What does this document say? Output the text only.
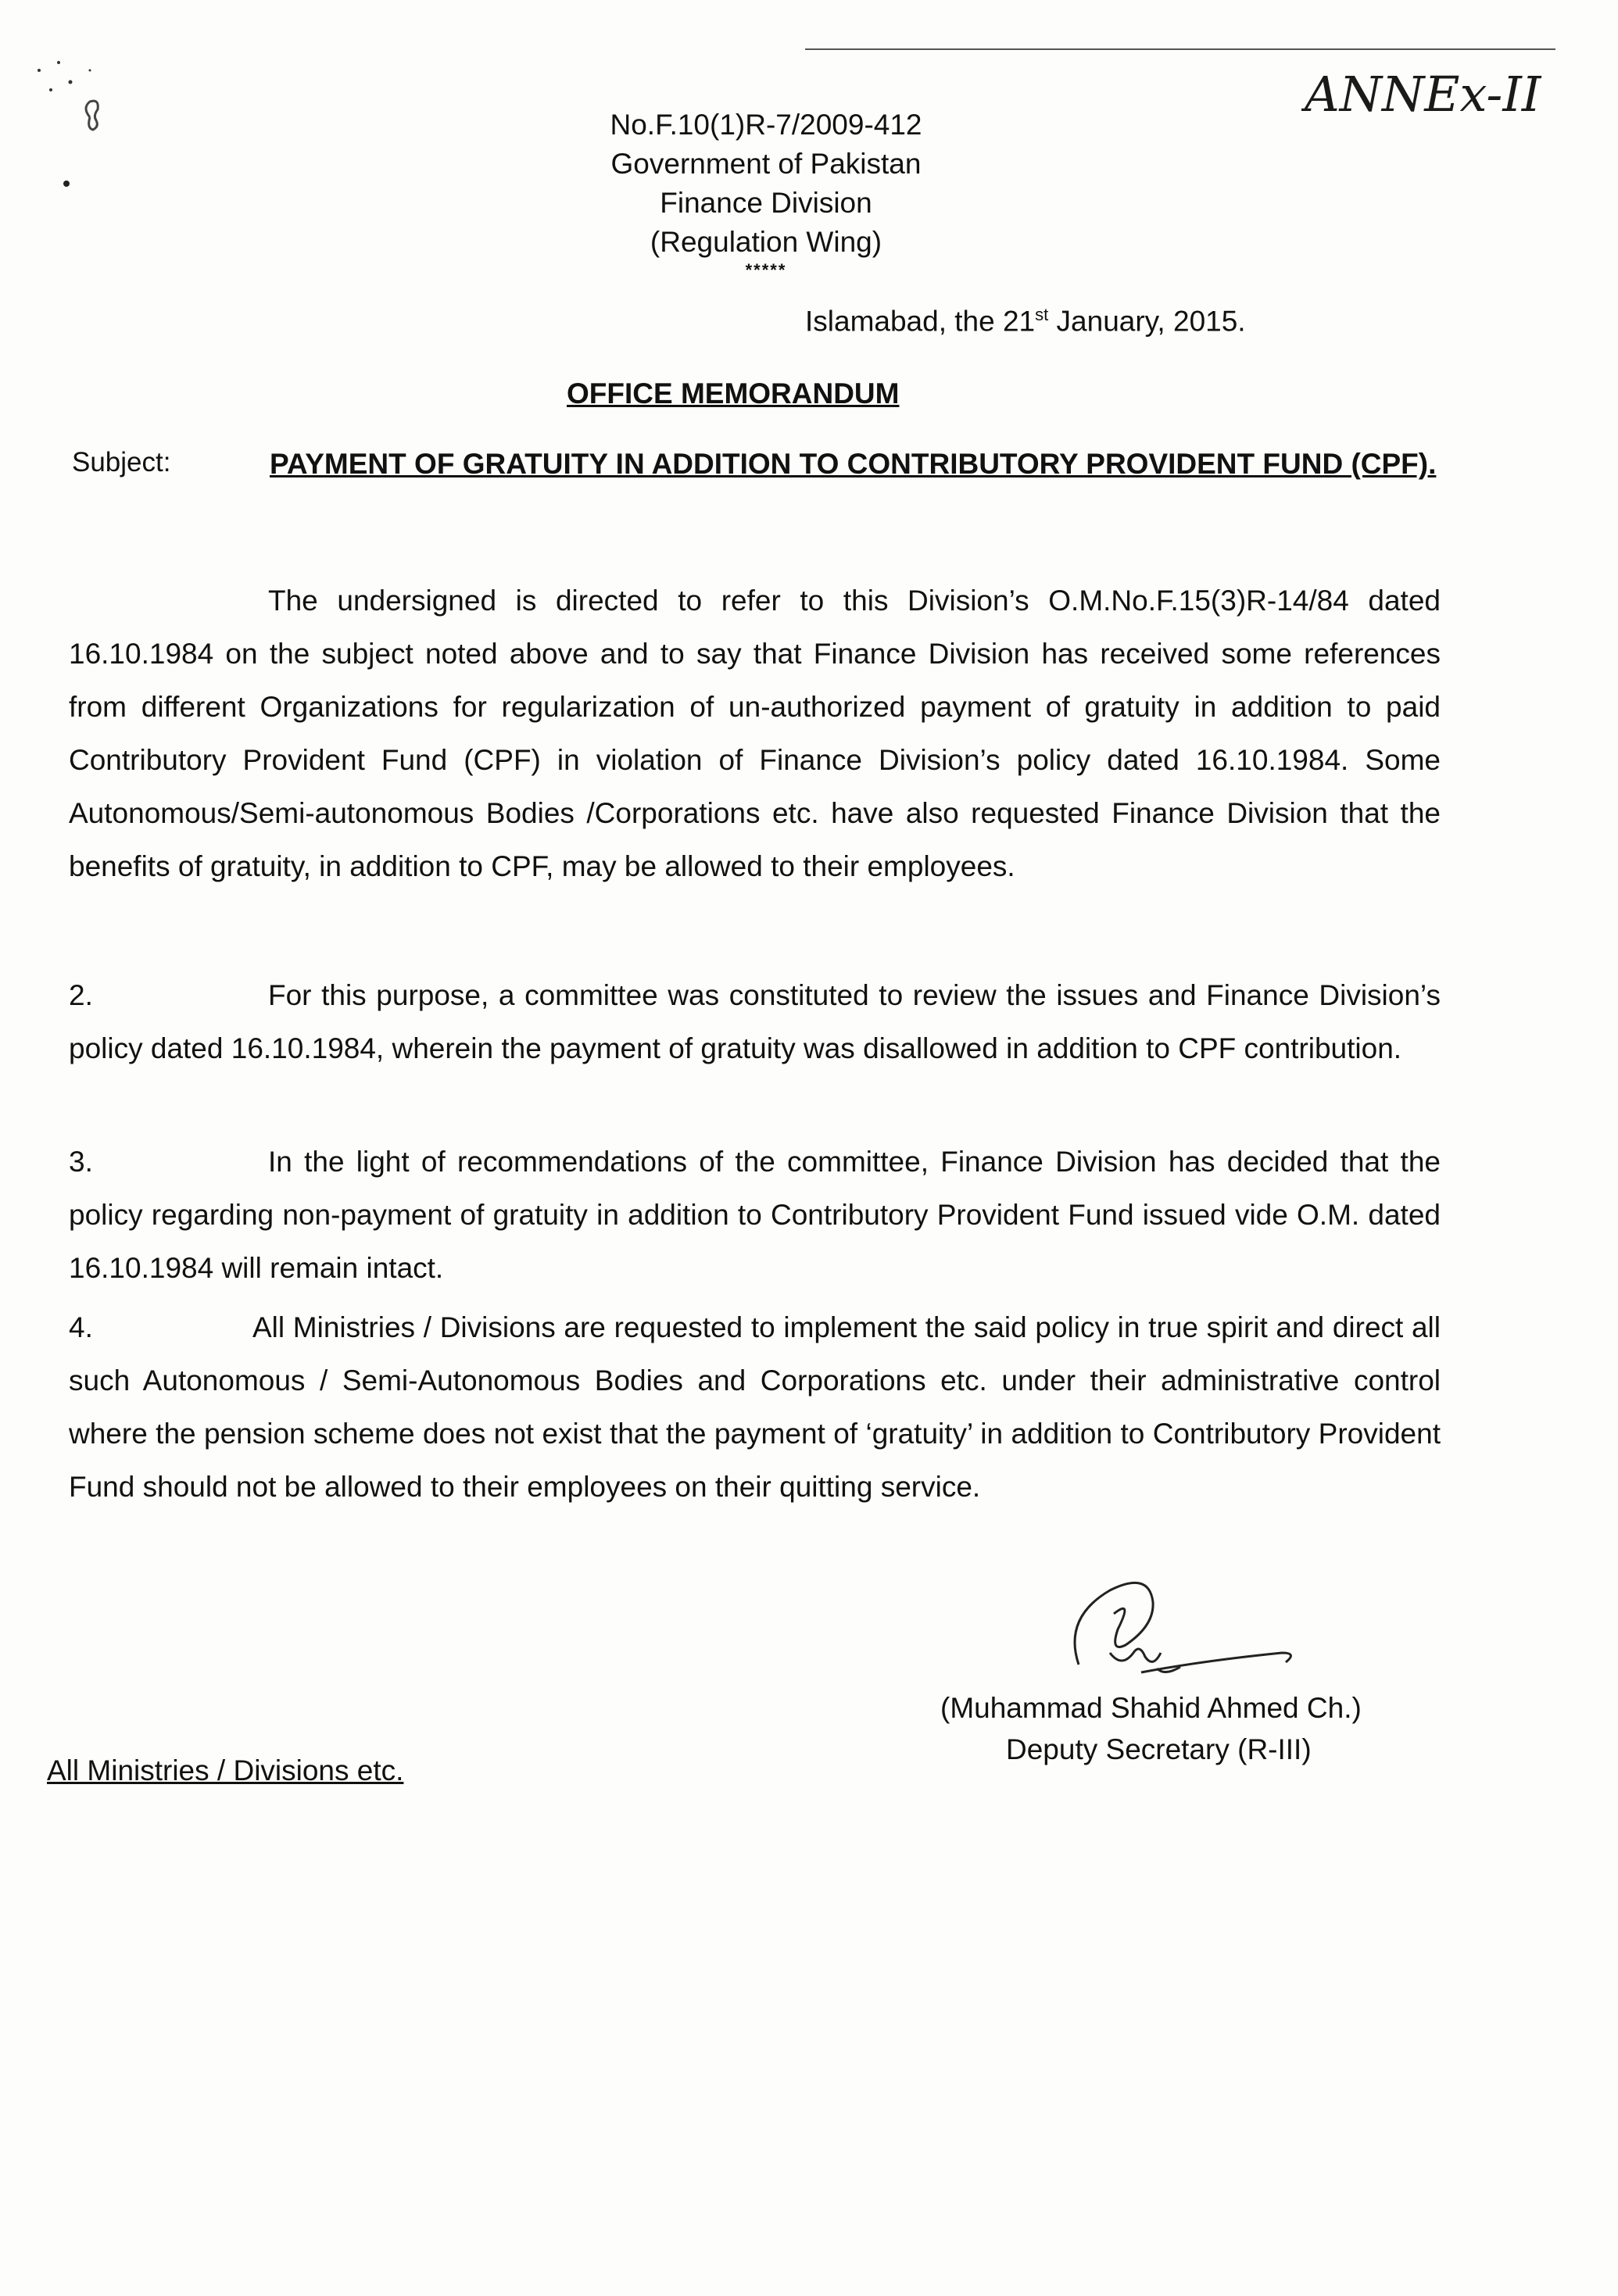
ANNEx-II
No.F.10(1)R-7/2009-412
Government of Pakistan
Finance Division
(Regulation Wing)
*****
Islamabad, the 21st January, 2015.
OFFICE MEMORANDUM
Subject:	PAYMENT OF GRATUITY IN ADDITION TO CONTRIBUTORY PROVIDENT FUND (CPF).
The undersigned is directed to refer to this Division’s O.M.No.F.15(3)R-14/84 dated 16.10.1984 on the subject noted above and to say that Finance Division has received some references from different Organizations for regularization of un-authorized payment of gratuity in addition to paid Contributory Provident Fund (CPF) in violation of Finance Division’s policy dated 16.10.1984. Some Autonomous/Semi-autonomous Bodies /Corporations etc. have also requested Finance Division that the benefits of gratuity, in addition to CPF, may be allowed to their employees.
2.	For this purpose, a committee was constituted to review the issues and Finance Division’s policy dated 16.10.1984, wherein the payment of gratuity was disallowed in addition to CPF contribution.
3.	In the light of recommendations of the committee, Finance Division has decided that the policy regarding non-payment of gratuity in addition to Contributory Provident Fund issued vide O.M. dated 16.10.1984 will remain intact.
4.	All Ministries / Divisions are requested to implement the said policy in true spirit and direct all such Autonomous / Semi-Autonomous Bodies and Corporations etc. under their administrative control where the pension scheme does not exist that the payment of ‘gratuity’ in addition to Contributory Provident Fund should not be allowed to their employees on their quitting service.
(Muhammad Shahid Ahmed Ch.)
Deputy Secretary (R-III)
All Ministries / Divisions etc.
